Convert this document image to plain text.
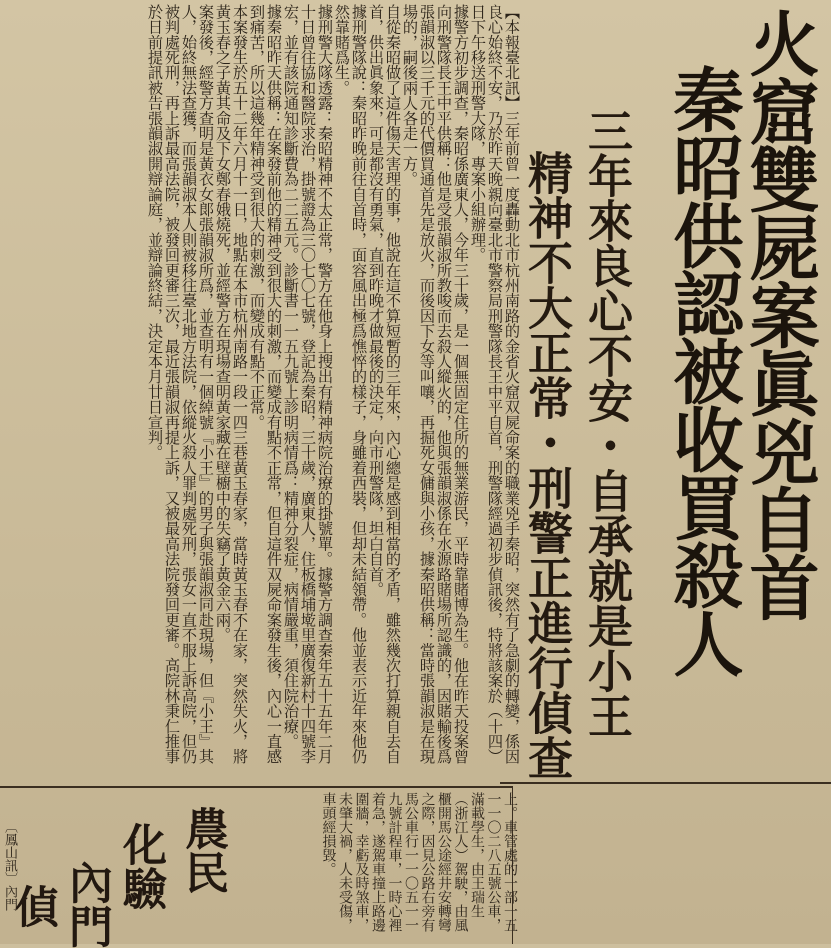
火窟雙屍案眞兇自首
秦昭供認被收買殺人
三年來良心不安・自承就是小王
精神不大正常・刑警正進行偵查
【本報臺北訊】三年前曾一度轟動北市杭州南路的金省火窟双屍命案的職業兇手秦昭，突然有了急劇的轉變，係因良心始終不安，乃於昨天晚親向臺北市警察局刑警隊長王中平自首，刑警隊經過初步偵訊後，特將該案於（十四）日下午移送刑警大隊，專案小組辦理。
據警方初步調查，秦昭係廣東人，今年三十歲，是一個無固定住所的無業游民，平時靠賭博為生。他在昨天投案曾向刑警隊長王中平供稱：他是受張韻淑所教唆而去殺人縱火的，他與張韻淑係在水源路賭場所認識的，因賭輸後爲張韻淑以三千元的代價買通首先是放火，而後因下女等叫嚷，再掘死女傭與小孩，據秦昭供稱：當時張韻淑是在現場的，嗣後兩人各走一方。
自從秦昭做了這件傷天害理的事，他說在這不算短暫的三年來，內心總是感到相當的矛盾，雖然幾次打算親自去自首，供出眞象來，可是都沒有勇氣，直到昨晚才做最後的決定，向市刑警隊，坦白自首。
據刑警隊說：秦昭昨晚前往自首時，面容風出極爲憔悴的樣子，身雖着西裝，但却未結領帶。他並表示近年來他仍然靠賭爲生。
據刑警大隊透露：秦昭精神不太正常，警方在他身上搜出有精神病院治療的掛號單。據警方調查秦年五十五年二月十日曾往協和醫院求治，掛號證為三〇七〇七號，登記為秦昭，三十歲，廣東人，住板橋埔墘里廣復新村十四號李宏，並有該院通知診斷費為二二五元。診斷書一一五九號上診明病情爲：精神分裂症，病情嚴重，須住院治療。
據秦昭昨天供稱：在案發前他的精神受到很大的刺激，而變成有點不正常，但自這件双屍命案發生後，內心一直感到痛苦，所以這幾年精神受到很大的刺激，而變成有點不正常。
本案發生於五十二年六月十一日，地點在本市杭州南路一段一四三巷黃玉春家，當時黃玉春不在家，突然失火，將黃玉春之子黃其命及下女鄭春娥燒死，並經警方在現場查明黃家藏在壁櫥中的失竊了黃金六兩。
案發後，經警方查明是黃衣女郞張韻淑所爲，並查明有一個綽號『小王』的男子與張韻淑同赴現場，但『小王』其人，始終無法查獲，而張韻淑本人則被移往臺北地方法院，依縱火殺人罪判處死刑，張女一直不服上訴高院，但仍被判處死刑，再上訴最高法院，被發回更審三次，最近張韻淑再提上訴，又被最高法院發回更審。高院林秉仁推事於日前提訊被告張韻淑開辯論庭，並辯論終結，決定本月廿日宣判。
上。車管處的一部一五一一〇二八五號公車，滿載學生，由王瑞生（浙江人）駕駛，由風櫃開馬公途經井安轉彎之際，因見公路右旁有馬公車行一一〇五一一九號計程車，一時心裡着急，遂駕車撞上路邊圍牆，幸虧及時煞車，未肇大禍，人未受傷，車頭經損毀。
農民
化驗
內門
偵
〔鳳山訊〕內門
